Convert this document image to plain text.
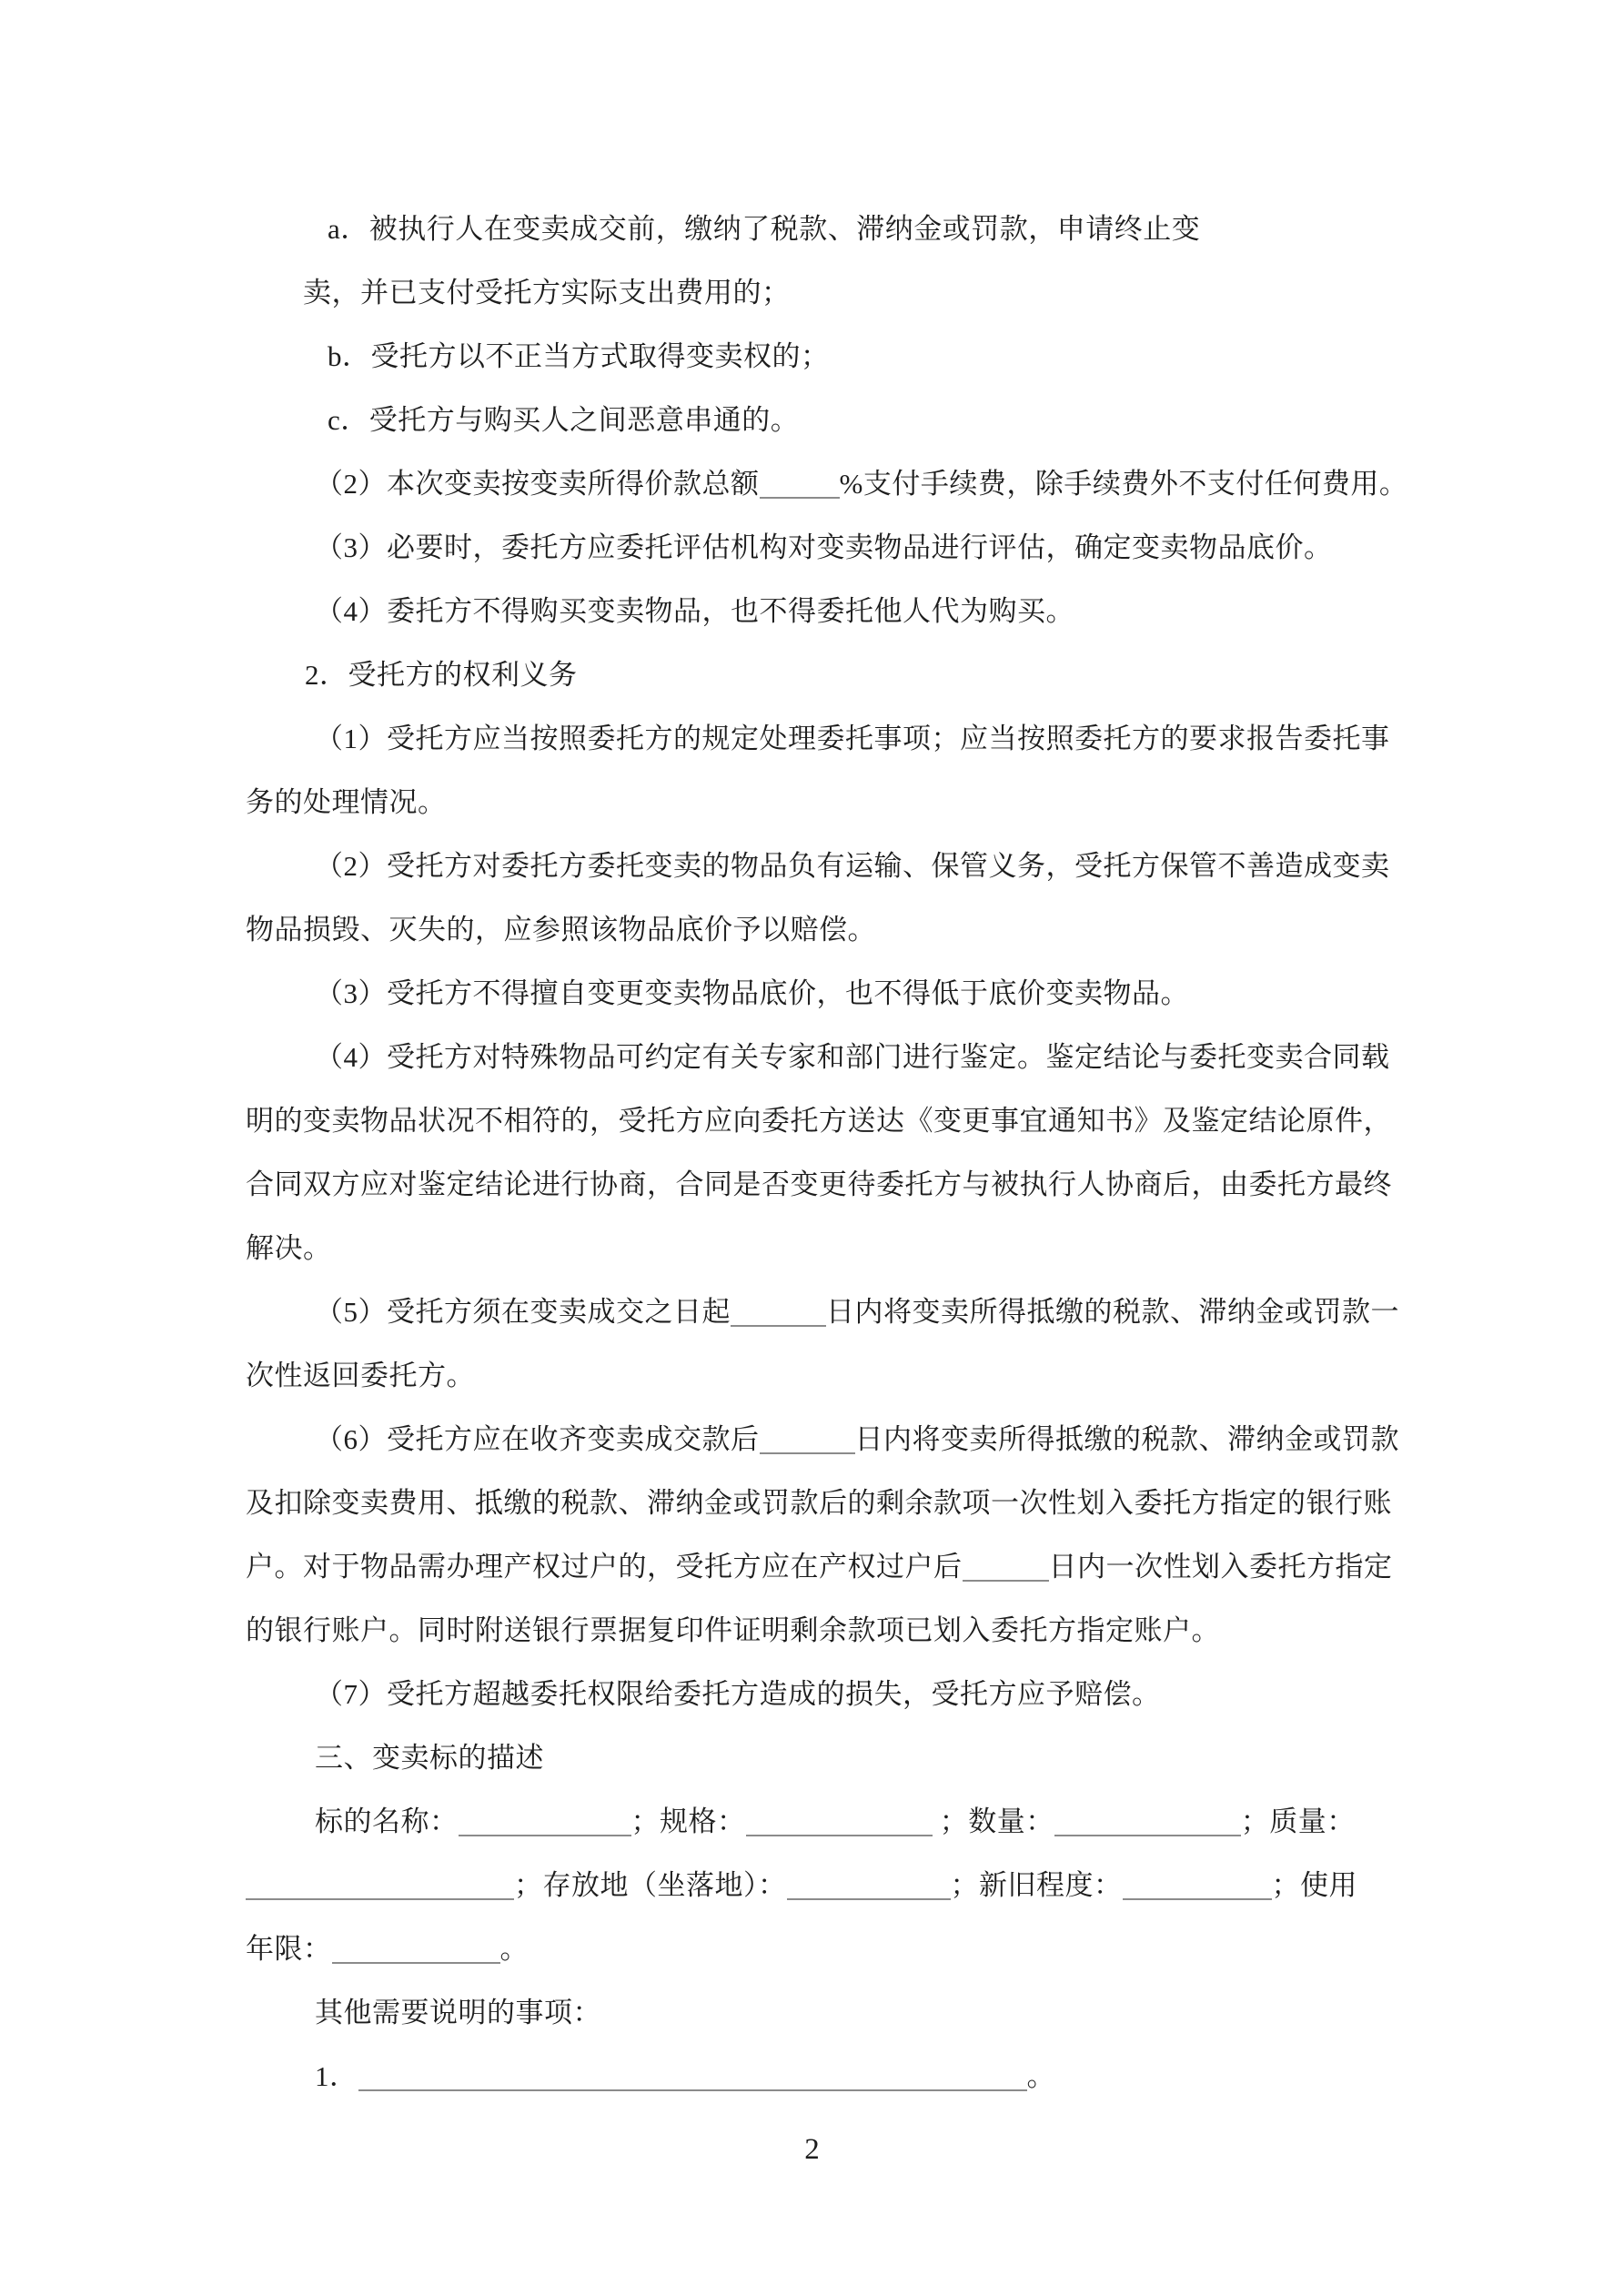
a．被执行人在变卖成交前，缴纳了税款、滞纳金或罚款，申请终止变
卖，并已支付受托方实际支出费用的；
b．受托方以不正当方式取得变卖权的；
c．受托方与购买人之间恶意串通的。
（2）本次变卖按变卖所得价款总额	%支付手续费，除手续费外不支付任何费用。
（3）必要时，委托方应委托评估机构对变卖物品进行评估，确定变卖物品底价。
（4）委托方不得购买变卖物品，也不得委托他人代为购买。
2．受托方的权利义务
（1）受托方应当按照委托方的规定处理委托事项；应当按照委托方的要求报告委托事
务的处理情况。
（2）受托方对委托方委托变卖的物品负有运输、保管义务，受托方保管不善造成变卖
物品损毁、灭失的，应参照该物品底价予以赔偿。
（3）受托方不得擅自变更变卖物品底价，也不得低于底价变卖物品。
（4）受托方对特殊物品可约定有关专家和部门进行鉴定。鉴定结论与委托变卖合同载
明的变卖物品状况不相符的，受托方应向委托方送达《变更事宜通知书》及鉴定结论原件，
合同双方应对鉴定结论进行协商，合同是否变更待委托方与被执行人协商后，由委托方最终
解决。
（5）受托方须在变卖成交之日起	日内将变卖所得抵缴的税款、滞纳金或罚款一
次性返回委托方。
（6）受托方应在收齐变卖成交款后	日内将变卖所得抵缴的税款、滞纳金或罚款
及扣除变卖费用、抵缴的税款、滞纳金或罚款后的剩余款项一次性划入委托方指定的银行账
户。对于物品需办理产权过户的，受托方应在产权过户后	日内一次性划入委托方指定
的银行账户。同时附送银行票据复印件证明剩余款项已划入委托方指定账户。
（7）受托方超越委托权限给委托方造成的损失，受托方应予赔偿。
三、变卖标的描述
标的名称：	；规格：	；数量：	；质量：
；存放地（坐落地）：	；新旧程度：	；使用
年限：	。
其他需要说明的事项：
1．	。
2
